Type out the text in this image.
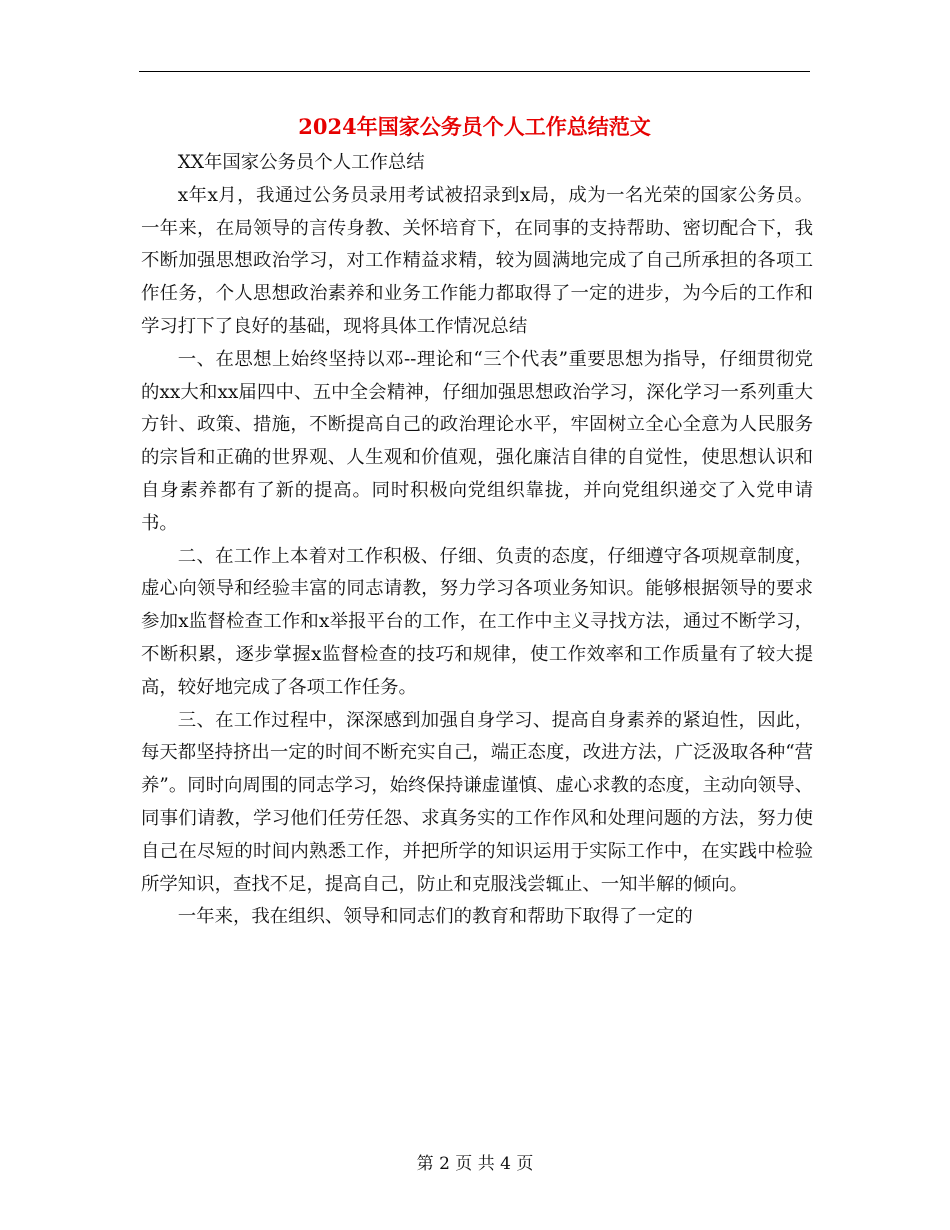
2024年国家公务员个人工作总结范文

XX年国家公务员个人工作总结

x年x月，我通过公务员录用考试被招录到x局，成为一名光荣的国家公务员。一年来，在局领导的言传身教、关怀培育下，在同事的支持帮助、密切配合下，我不断加强思想政治学习，对工作精益求精，较为圆满地完成了自己所承担的各项工作任务，个人思想政治素养和业务工作能力都取得了一定的进步，为今后的工作和学习打下了良好的基础，现将具体工作情况总结

一、在思想上始终坚持以邓--理论和“三个代表”重要思想为指导，仔细贯彻党的xx大和xx届四中、五中全会精神，仔细加强思想政治学习，深化学习一系列重大方针、政策、措施，不断提高自己的政治理论水平，牢固树立全心全意为人民服务的宗旨和正确的世界观、人生观和价值观，强化廉洁自律的自觉性，使思想认识和自身素养都有了新的提高。同时积极向党组织靠拢，并向党组织递交了入党申请书。

二、在工作上本着对工作积极、仔细、负责的态度，仔细遵守各项规章制度，虚心向领导和经验丰富的同志请教，努力学习各项业务知识。能够根据领导的要求参加x监督检查工作和x举报平台的工作，在工作中主义寻找方法，通过不断学习，不断积累，逐步掌握x监督检查的技巧和规律，使工作效率和工作质量有了较大提高，较好地完成了各项工作任务。

三、在工作过程中，深深感到加强自身学习、提高自身素养的紧迫性，因此，每天都坚持挤出一定的时间不断充实自己，端正态度，改进方法，广泛汲取各种“营养”。同时向周围的同志学习，始终保持谦虚谨慎、虚心求教的态度，主动向领导、同事们请教，学习他们任劳任怨、求真务实的工作作风和处理问题的方法，努力使自己在尽短的时间内熟悉工作，并把所学的知识运用于实际工作中，在实践中检验所学知识，查找不足，提高自己，防止和克服浅尝辄止、一知半解的倾向。

一年来，我在组织、领导和同志们的教育和帮助下取得了一定的

第 2 页 共 4 页
